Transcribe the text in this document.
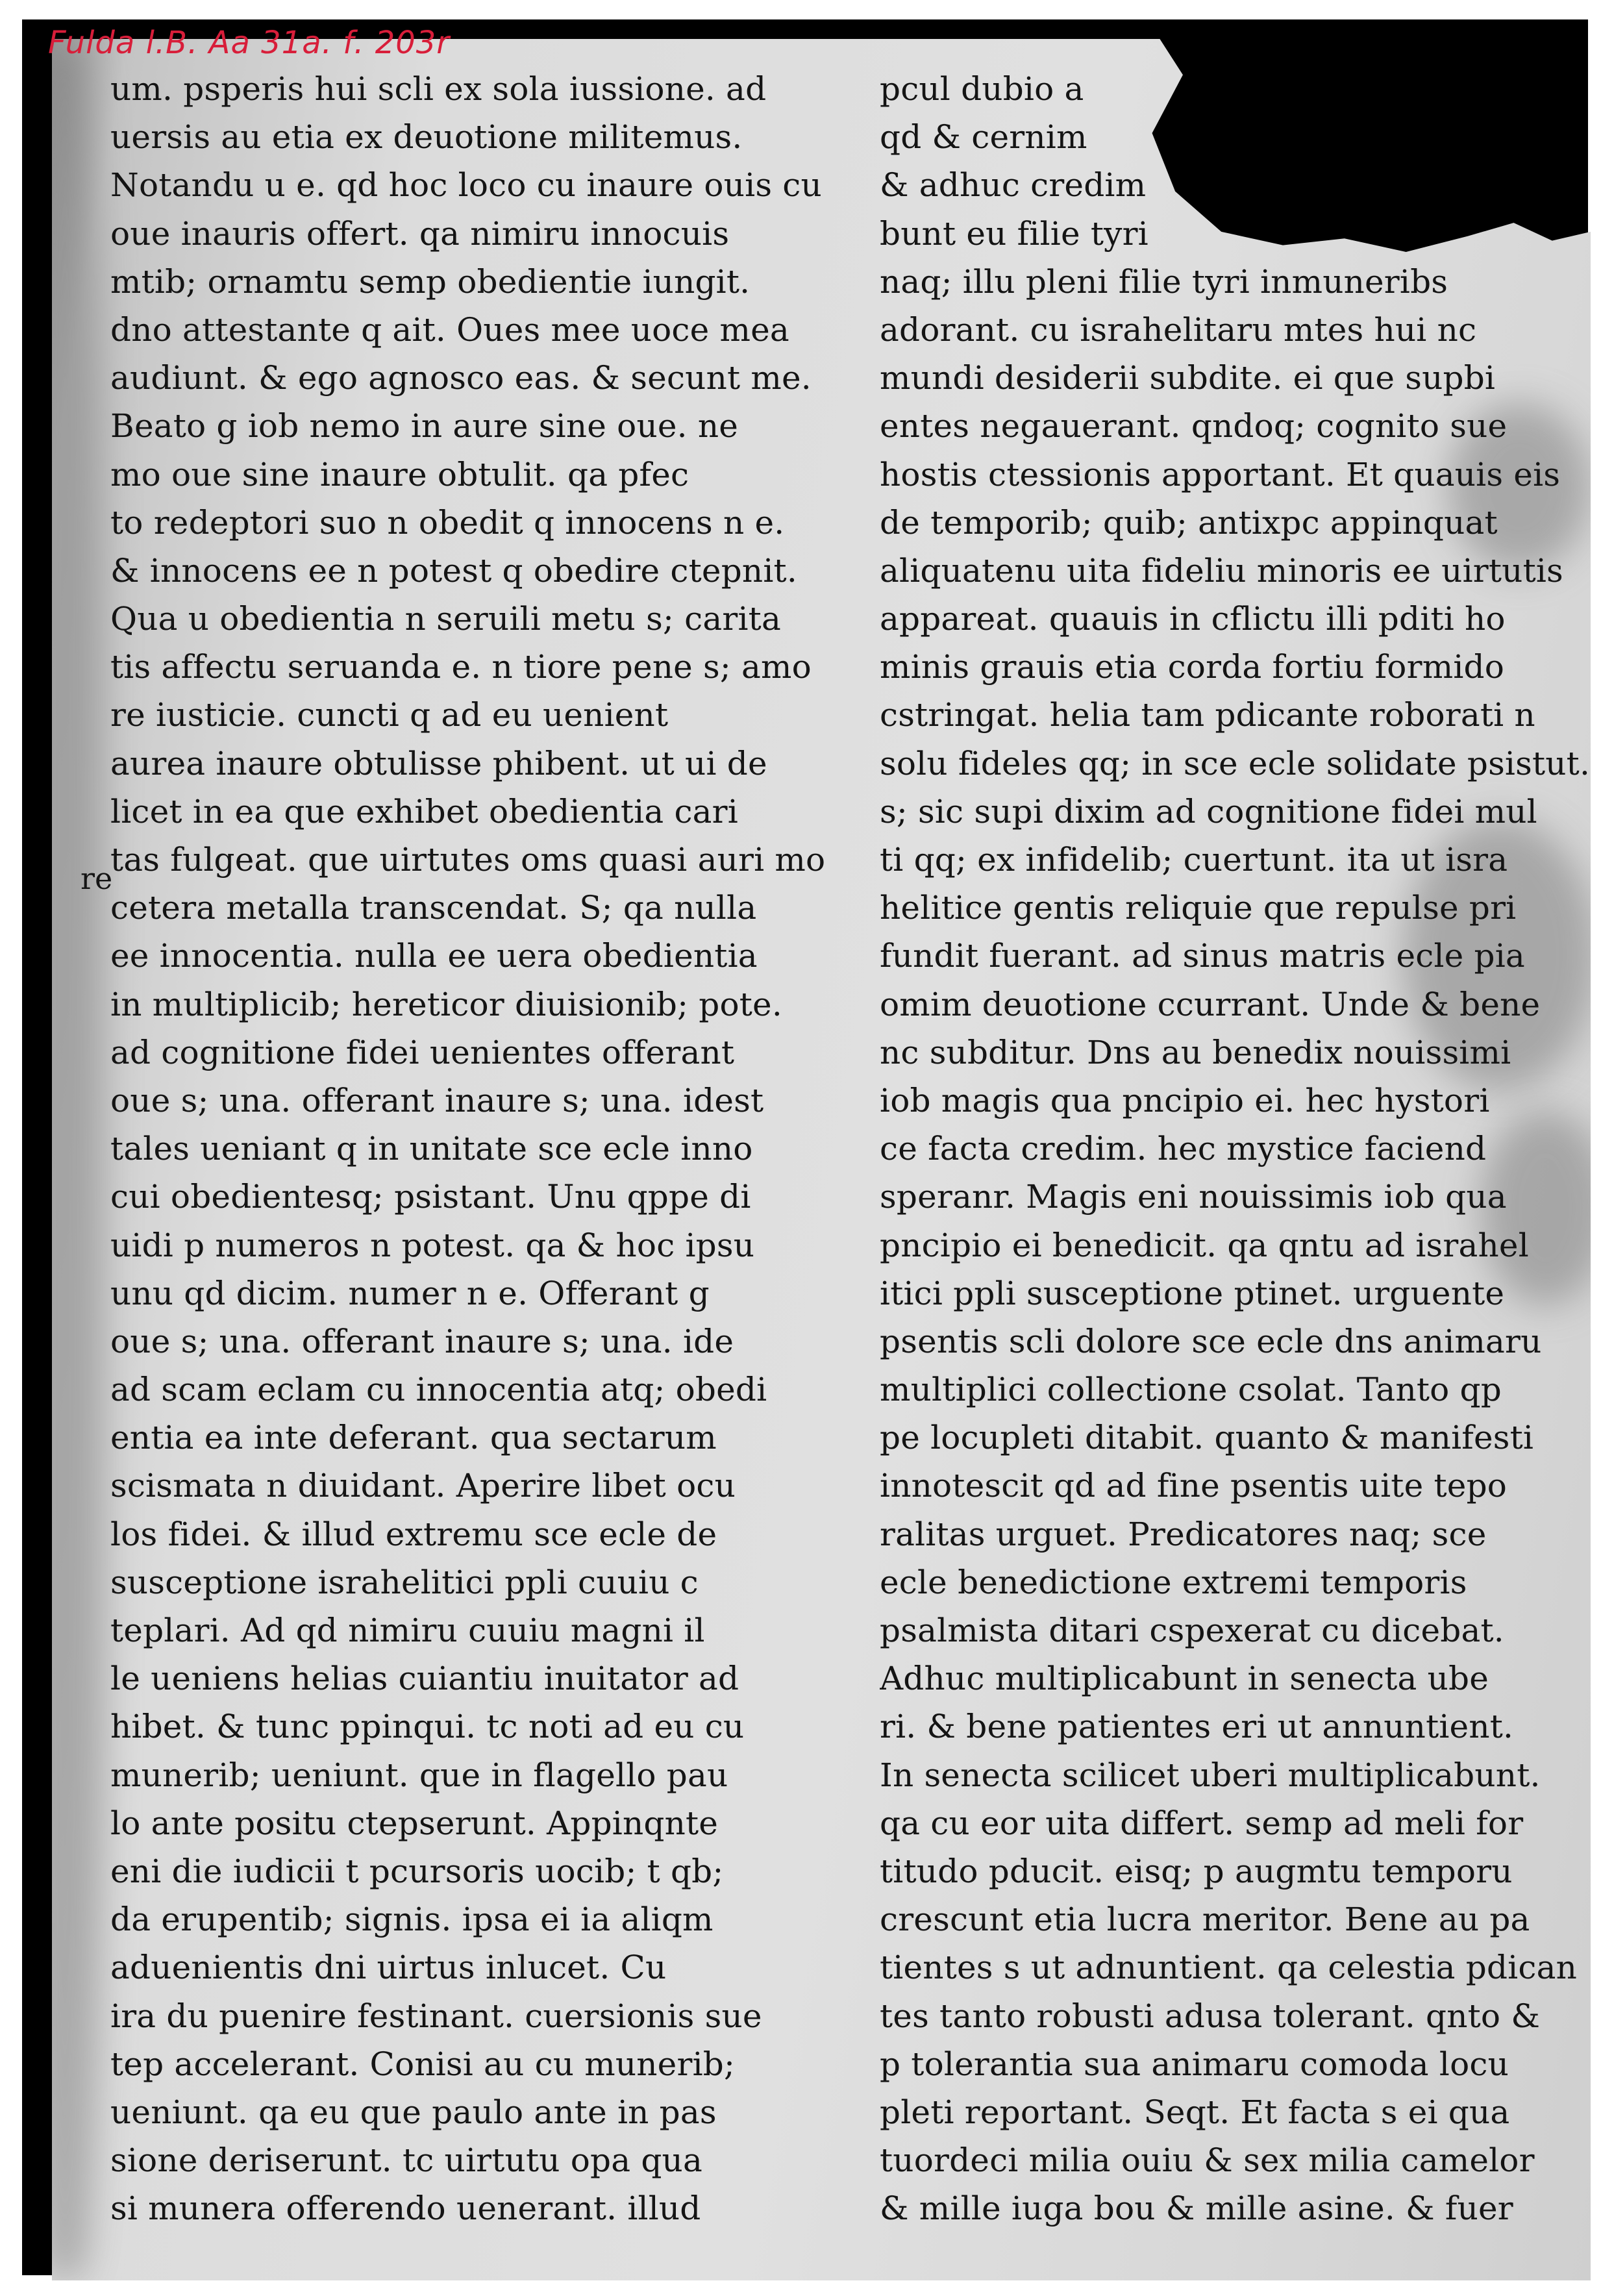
Fulda l.B. Aa 31a. f. 203r

um. psperis hui scli ex sola iussione. ad
uersis au etia ex deuotione militemus.
Notandu u e. qd hoc loco cu inaure ouis cu
oue inauris offert. qa nimiru innocuis
mtib; ornamtu semp obedientie iungit.
dno attestante q ait. Oues mee uoce mea
audiunt. & ego agnosco eas. & secunt me.
Beato g iob nemo in aure sine oue. ne
mo oue sine inaure obtulit. qa pfec
to redeptori suo n obedit q innocens n e.
& innocens ee n potest q obedire ctepnit.
Qua u obedientia n seruili metu s; carita
tis affectu seruanda e. n tiore pene s; amo
re iusticie. cuncti q ad eu uenient
aurea inaure obtulisse phibent. ut ui de
licet in ea que exhibet obedientia cari
tas fulgeat. que uirtutes oms quasi auri mo
cetera metalla transcendat. S; qa nulla
ee innocentia. nulla ee uera obedientia
in multiplicib; hereticor diuisionib; pote.
ad cognitione fidei uenientes offerant
oue s; una. offerant inaure s; una. idest
tales ueniant q in unitate sce ecle inno
cui obedientesq; psistant. Unu qppe di
uidi p numeros n potest. qa & hoc ipsu
unu qd dicim. numer n e. Offerant g
oue s; una. offerant inaure s; una. ide
ad scam eclam cu innocentia atq; obedi
entia ea inte deferant. qua sectarum
scismata n diuidant. Aperire libet ocu
los fidei. & illud extremu sce ecle de
susceptione israhelitici ppli cuuiu c
teplari. Ad qd nimiru cuuiu magni il
le ueniens helias cuiantiu inuitator ad
hibet. & tunc ppinqui. tc noti ad eu cu
munerib; ueniunt. que in flagello pau
lo ante positu ctepserunt. Appinqnte
eni die iudicii t pcursoris uocib; t qb;
da erupentib; signis. ipsa ei ia aliqm
aduenientis dni uirtus inlucet. Cu
ira du puenire festinant. cuersionis sue
tep accelerant. Conisi au cu munerib;
ueniunt. qa eu que paulo ante in pas
sione deriserunt. tc uirtutu opa qua
si munera offerendo uenerant. illud
re
pcul dubio a
qd & cernim
& adhuc credim
bunt eu filie tyri
naq; illu pleni filie tyri inmuneribs
adorant. cu israhelitaru mtes hui nc
mundi desiderii subdite. ei que supbi
entes negauerant. qndoq; cognito sue
hostis ctessionis apportant. Et quauis eis
de temporib; quib; antixpc appinquat
aliquatenu uita fideliu minoris ee uirtutis
appareat. quauis in cflictu illi pditi ho
minis grauis etia corda fortiu formido
cstringat. helia tam pdicante roborati n
solu fideles qq; in sce ecle solidate psistut.
s; sic supi dixim ad cognitione fidei mul
ti qq; ex infidelib; cuertunt. ita ut isra
helitice gentis reliquie que repulse pri
fundit fuerant. ad sinus matris ecle pia
omim deuotione ccurrant. Unde & bene
nc subditur. Dns au benedix nouissimi
iob magis qua pncipio ei. hec hystori
ce facta credim. hec mystice faciend
speranr. Magis eni nouissimis iob qua
pncipio ei benedicit. qa qntu ad israhel
itici ppli susceptione ptinet. urguente
psentis scli dolore sce ecle dns animaru
multiplici collectione csolat. Tanto qp
pe locupleti ditabit. quanto & manifesti
innotescit qd ad fine psentis uite tepo
ralitas urguet. Predicatores naq; sce
ecle benedictione extremi temporis
psalmista ditari cspexerat cu dicebat.
Adhuc multiplicabunt in senecta ube
ri. & bene patientes eri ut annuntient.
In senecta scilicet uberi multiplicabunt.
qa cu eor uita differt. semp ad meli for
titudo pducit. eisq; p augmtu temporu
crescunt etia lucra meritor. Bene au pa
tientes s ut adnuntient. qa celestia pdican
tes tanto robusti adusa tolerant. qnto &
p tolerantia sua animaru comoda locu
pleti reportant. Seqt. Et facta s ei qua
tuordeci milia ouiu & sex milia camelor
& mille iuga bou & mille asine. & fuer
